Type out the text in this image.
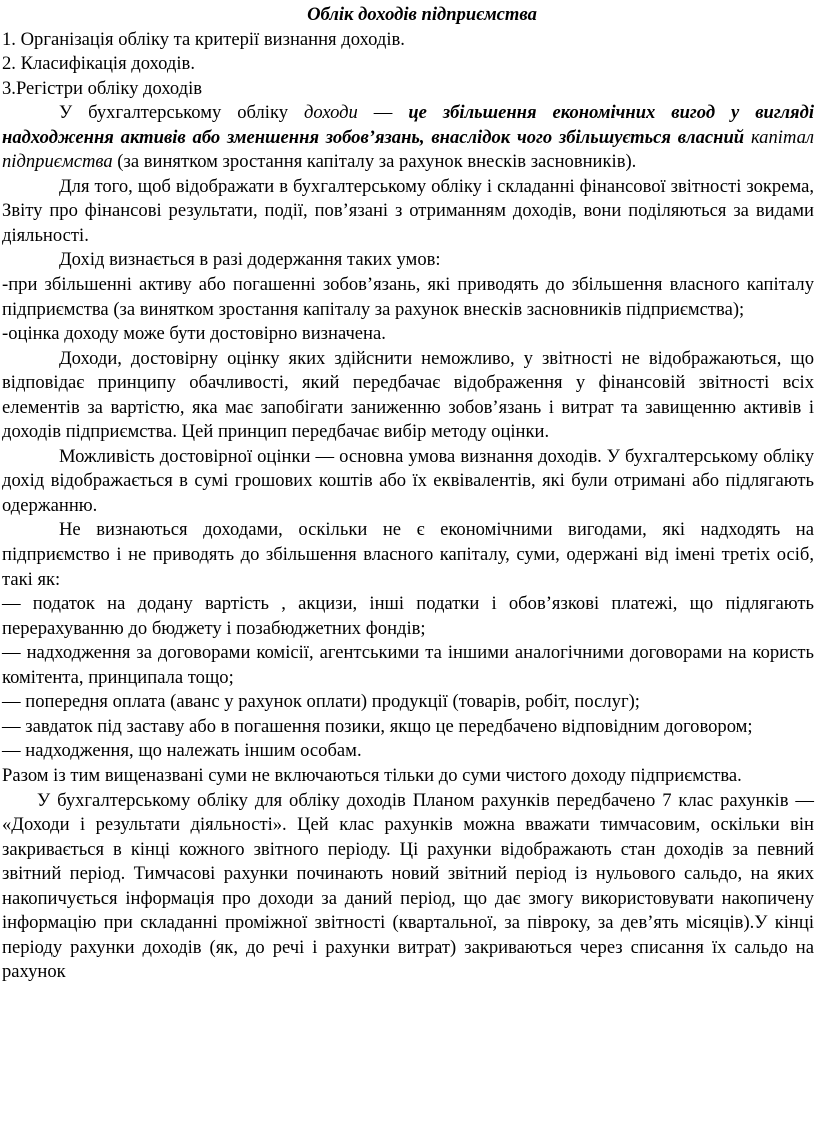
Облік доходів підприємства

1. Організація обліку та критерії визнання доходів.

2. Класифікація доходів.

3.Регістри обліку доходів

У бухгалтерському обліку доходи — це збільшення економічних вигод у вигляді надходження активів або зменшення зобов’язань, внаслідок чого збільшується власний капітал підприємства (за винятком зростання капіталу за рахунок внесків засновників).

Для того, щоб відображати в бухгалтерському обліку і складанні фінансової звітності зокрема, Звіту про фінансові результати, події, пов’язані з отриманням доходів, вони поділяються за видами діяльності.

Дохід визнається в разі додержання таких умов:

-при збільшенні активу або погашенні зобов’язань, які приводять до збільшення власного капіталу підприємства (за винятком зростання капіталу за рахунок внесків засновників підприємства);

-оцінка доходу може бути достовірно визначена.

Доходи, достовірну оцінку яких здійснити неможливо, у звітності не відображаються, що відповідає принципу обачливості, який передбачає відображення у фінансовій звітності всіх елементів за вартістю, яка має запобігати заниженню зобов’язань і витрат та завищенню активів і доходів підприємства. Цей принцип передбачає вибір методу оцінки.

Можливість достовірної оцінки — основна умова визнання доходів. У бухгалтерському обліку дохід відображається в сумі грошових коштів або їх еквівалентів, які були отримані або підлягають одержанню.

Не визнаються доходами, оскільки не є економічними вигодами, які надходять на підприємство і не приводять до збільшення власного капіталу, суми, одержані від імені третіх осіб, такі як:

— податок на додану вартість , акцизи, інші податки і обов’язкові платежі, що підлягають перерахуванню до бюджету і позабюджетних фондів;

— надходження за договорами комісії, агентськими та іншими аналогічними договорами на користь комітента, принципала тощо;

— попередня оплата (аванс у рахунок оплати) продукції (товарів, робіт, послуг);

— завдаток під заставу або в погашення позики, якщо це передбачено відповідним договором;

— надходження, що належать іншим особам.

Разом із тим вищеназвані суми не включаються тільки до суми чистого доходу підприємства.

У бухгалтерському обліку для обліку доходів Планом рахунків передбачено 7 клас рахунків — «Доходи і результати діяльності». Цей клас рахунків можна вважати тимчасовим, оскільки він закривається в кінці кожного звітного періоду. Ці рахунки відображають стан доходів за певний звітний період. Тимчасові рахунки починають новий звітний період із нульового сальдо, на яких накопичується інформація про доходи за даний період, що дає змогу використовувати накопичену інформацію при складанні проміжної звітності (квартальної, за півроку, за дев’ять місяців).У кінці періоду рахунки доходів (як, до речі і рахунки витрат) закриваються через списання їх сальдо на рахунок
